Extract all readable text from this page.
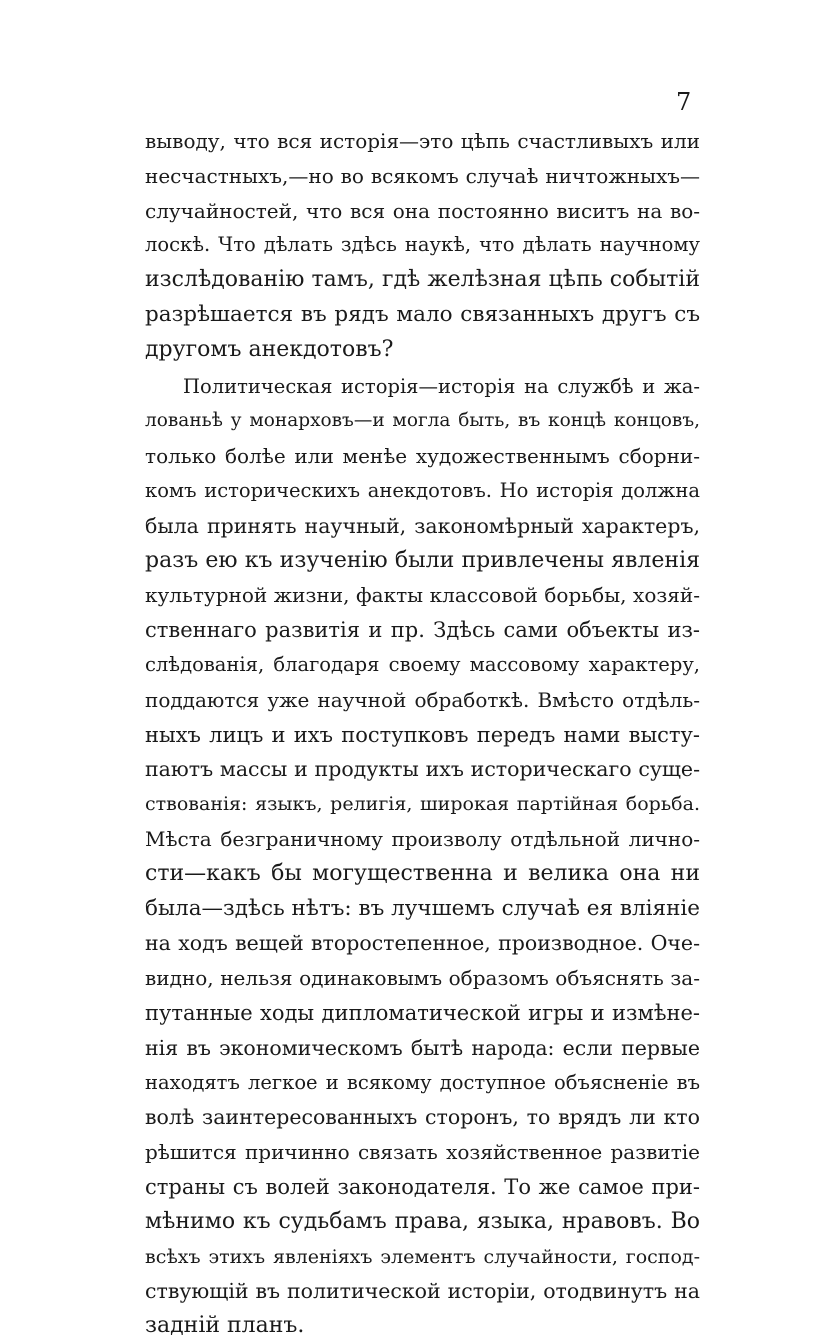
7
выводу, что вся исторія—это цѣпь счастливыхъ или
несчастныхъ,—но во всякомъ случаѣ ничтожныхъ—
случайностей, что вся она постоянно виситъ на во-
лоскѣ. Что дѣлать здѣсь наукѣ, что дѣлать научному
изслѣдованію тамъ, гдѣ желѣзная цѣпь событій
разрѣшается въ рядъ мало связанныхъ другъ съ
другомъ анекдотовъ?
Политическая исторія—исторія на службѣ и жа-
лованьѣ у монарховъ—и могла быть, въ концѣ концовъ,
только болѣе или менѣе художественнымъ сборни-
комъ историческихъ анекдотовъ. Но исторія должна
была принять научный, закономѣрный характеръ,
разъ ею къ изученію были привлечены явленія
культурной жизни, факты классовой борьбы, хозяй-
ственнаго развитія и пр. Здѣсь сами объекты из-
слѣдованія, благодаря своему массовому характеру,
поддаются уже научной обработкѣ. Вмѣсто отдѣль-
ныхъ лицъ и ихъ поступковъ передъ нами высту-
паютъ массы и продукты ихъ историческаго суще-
ствованія: языкъ, религія, широкая партійная борьба.
Мѣста безграничному произволу отдѣльной лично-
сти—какъ бы могущественна и велика она ни
была—здѣсь нѣтъ: въ лучшемъ случаѣ ея вліяніе
на ходъ вещей второстепенное, производное. Оче-
видно, нельзя одинаковымъ образомъ объяснять за-
путанные ходы дипломатической игры и измѣне-
нія въ экономическомъ бытѣ народа: если первые
находятъ легкое и всякому доступное объясненіе въ
волѣ заинтересованныхъ сторонъ, то врядъ ли кто
рѣшится причинно связать хозяйственное развитіе
страны съ волей законодателя. То же самое при-
мѣнимо къ судьбамъ права, языка, нравовъ. Во
всѣхъ этихъ явленіяхъ элементъ случайности, господ-
ствующій въ политической исторіи, отодвинутъ на
задній планъ.
